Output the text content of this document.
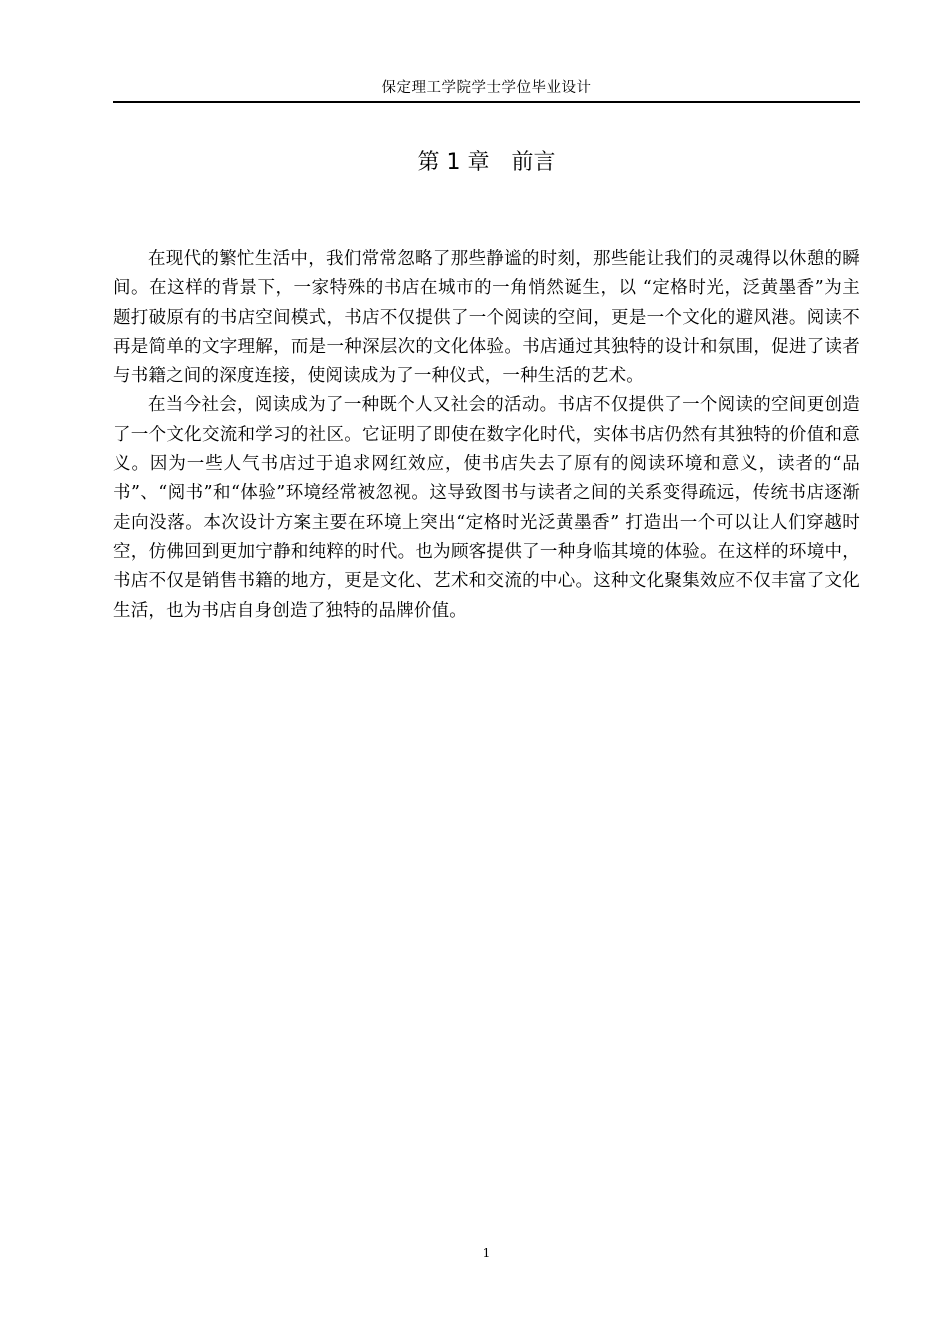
保定理工学院学士学位毕业设计
第 1 章　前言

在现代的繁忙生活中，我们常常忽略了那些静谧的时刻，那些能让我们的灵魂得以休憩的瞬间。在这样的背景下，一家特殊的书店在城市的一角悄然诞生，以 “定格时光，泛黄墨香”为主题打破原有的书店空间模式，书店不仅提供了一个阅读的空间，更是一个文化的避风港。阅读不再是简单的文字理解，而是一种深层次的文化体验。书店通过其独特的设计和氛围，促进了读者与书籍之间的深度连接，使阅读成为了一种仪式，一种生活的艺术。

在当今社会，阅读成为了一种既个人又社会的活动。书店不仅提供了一个阅读的空间更创造了一个文化交流和学习的社区。它证明了即使在数字化时代，实体书店仍然有其独特的价值和意义。因为一些人气书店过于追求网红效应，使书店失去了原有的阅读环境和意义，读者的“品书”、“阅书”和“体验”环境经常被忽视。这导致图书与读者之间的关系变得疏远，传统书店逐渐走向没落。本次设计方案主要在环境上突出“定格时光泛黄墨香” 打造出一个可以让人们穿越时空，仿佛回到更加宁静和纯粹的时代。也为顾客提供了一种身临其境的体验。在这样的环境中，书店不仅是销售书籍的地方，更是文化、艺术和交流的中心。这种文化聚集效应不仅丰富了文化生活，也为书店自身创造了独特的品牌价值。

1
